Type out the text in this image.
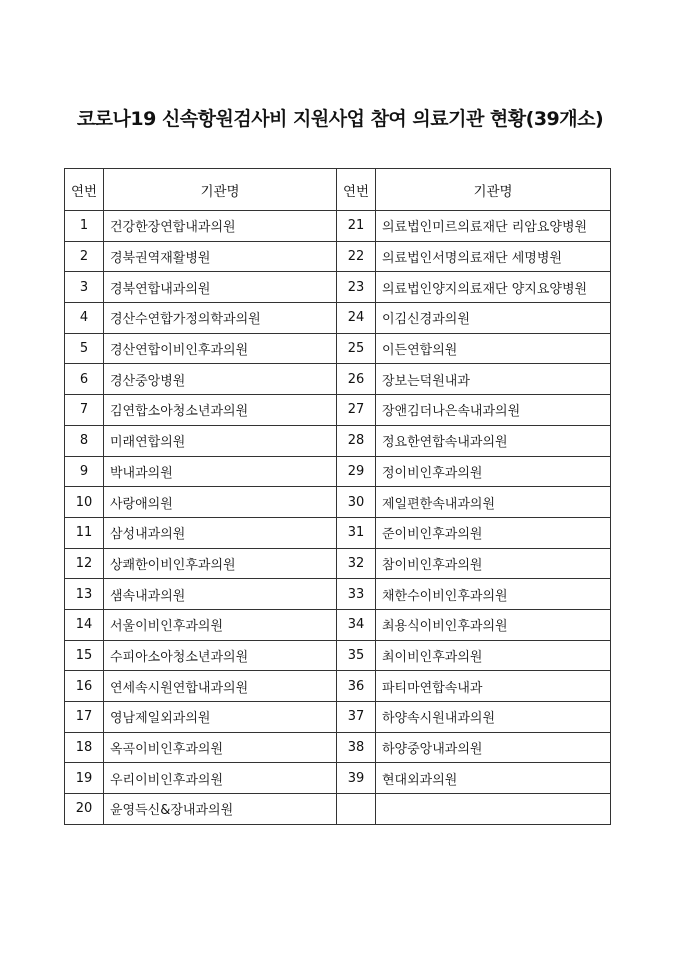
코로나19 신속항원검사비 지원사업 참여 의료기관 현황(39개소)
연번	기관명	연번	기관명
1	건강한장연합내과의원	21	의료법인미르의료재단 리암요양병원
2	경북권역재활병원	22	의료법인서명의료재단 세명병원
3	경북연합내과의원	23	의료법인양지의료재단 양지요양병원
4	경산수연합가정의학과의원	24	이김신경과의원
5	경산연합이비인후과의원	25	이든연합의원
6	경산중앙병원	26	장보는덕원내과
7	김연합소아청소년과의원	27	장앤김더나은속내과의원
8	미래연합의원	28	정요한연합속내과의원
9	박내과의원	29	정이비인후과의원
10	사랑애의원	30	제일편한속내과의원
11	삼성내과의원	31	준이비인후과의원
12	상쾌한이비인후과의원	32	참이비인후과의원
13	샘속내과의원	33	채한수이비인후과의원
14	서울이비인후과의원	34	최용식이비인후과의원
15	수피아소아청소년과의원	35	최이비인후과의원
16	연세속시원연합내과의원	36	파티마연합속내과
17	영남제일외과의원	37	하양속시원내과의원
18	옥곡이비인후과의원	38	하양중앙내과의원
19	우리이비인후과의원	39	현대외과의원
20	윤영득신&장내과의원		
